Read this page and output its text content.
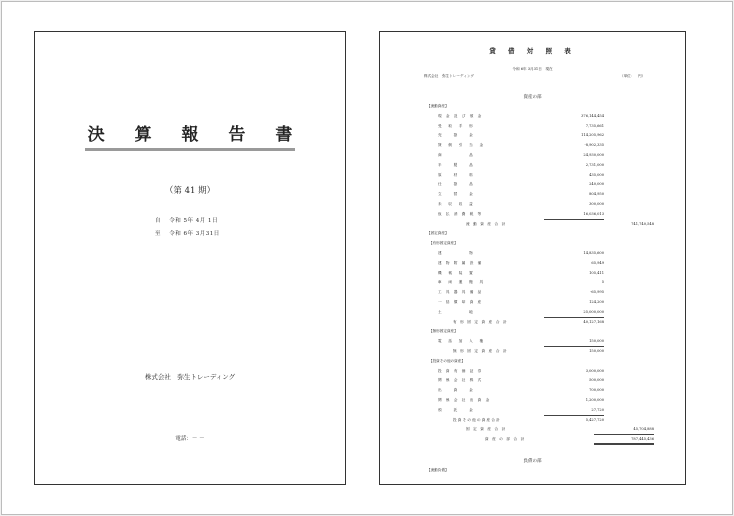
決 算 報 告 書
（第 41 期）
自 令和 5年 4月 1日
至 令和 6年 3月31日
株式会社　弥生トレーディング
電話：－ －
貸 借 対 照 表
令和 6年 3月31日　現在
株式会社　弥生トレーディング	（単位：　円）
資産の部
【流動資産】
現 金 及 び 預 金	376,144,454
受　取　手　形	7,735,661
売　　掛　　金	114,205,962
貸　倒　引　当　金	-8,902,335
商　　　　　品	24,930,000
半　　製　　品	2,731,000
原　　材　　料	435,000
仕　　掛　　品	240,000
立　　替　　金	804,950
未　収　収　益	300,000
仮 払 消 費 税 等	16,036,013
流 動 資 産 合 計	741,740,548
【固定資産】
【有形固定資産】
建　　　　　物	14,835,600
建 物 附 属 設 備	65,949
機　械　装　置	105,411
車　両　運　搬　具	5
工 具 器 具 備 品	-65,995
一 括 償 却 資 産	124,200
土　　　　　地	25,000,000
有 形 固 定 資 産 合 計	40,127,168
【無形固定資産】
電　話　加　入　権	150,000
無 形 固 定 資 産 合 計	150,000
【投資その他の資産】
投 資 有 価 証 券	3,000,000
関 係 会 社 株 式	500,000
出　　資　　金	700,000
関 係 会 社 出 資 金	1,200,000
預　　託　　金	27,720
投資その他の資産合計	5,427,720
固 定 資 産 合 計	45,704,888
資 産 の 部 合 計	787,445,436
負債の部
【流動負債】
